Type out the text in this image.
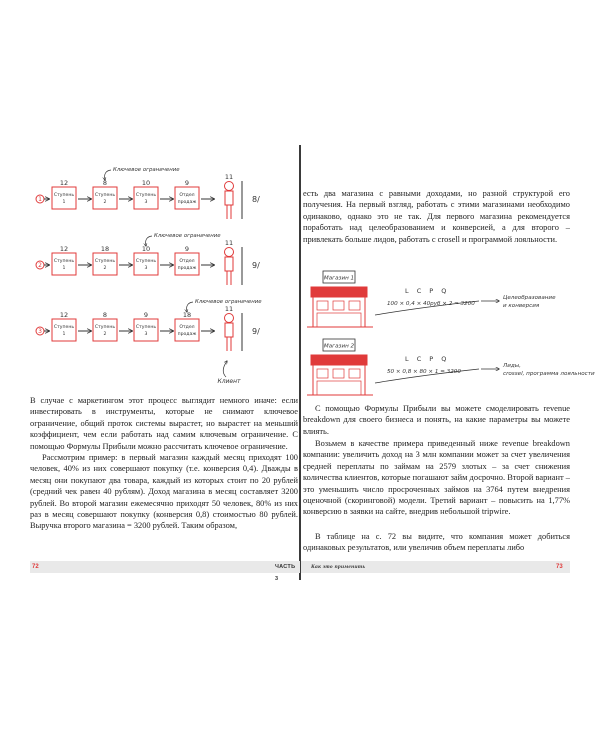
1
12
Ступень
1
8
Ступень
2
10
Ступень
3
9
Отдел
продаж
11
8/
Ключевое ограничение
2
12
Ступень
1
18
Ступень
2
10
Ступень
3
9
Отдел
продаж
11
9/
Ключевое ограничение
3
12
Ступень
1
8
Ступень
2
9
Ступень
3
18
Отдел
продаж
11
9/
Ключевое ограничение
Клиент

В случае с маркетингом этот процесс выглядит немного иначе: если инвестировать в инструменты, которые не снимают ключевое ограничение, общий проток системы вырастет, но вырастет на меньший коэффициент, чем если работать над самим ключевым ограничение. С помощью Формулы Прибыли можно рассчитать ключевое ограничение.

Рассмотрим пример: в первый магазин каждый месяц приходят 100 человек, 40% из них совершают покупку (т.е. конверсия 0,4). Дважды в месяц они покупают два товара, каждый из которых стоит по 20 рублей (средний чек равен 40 рублям). Доход магазина в месяц составляет 3200 рублей. Во второй магазин ежемесячно приходят 50 человек, 80% из них раз в месяц совершают покупку (конверсия 0,8) стоимостью 80 рублей. Выручка второго магазина = 3200 рублей. Таким образом,

есть два магазина с равными доходами, но разной структурой его получения. На первый взгляд, работать с этими магазинами необходимо одинаково, однако это не так. Для первого магазина рекомендуется поработать над целеобразованием и конверсией, а для второго – привлекать больше лидов, работать с crosell и программой лояльности.

Магазин 1
L C P Q
100 × 0,4 × 40руб × 2 = 3200
Целеобразование
и конверсия
Магазин 2
L C P Q
50 × 0,8 × 80 × 1 = 3200
Лиды,
crossel, программа лояльности

С помощью Формулы Прибыли вы можете смоделировать revenue breakdown для своего бизнеса и понять, на какие параметры вы можете влиять.

Возьмем в качестве примера приведенный ниже revenue breakdown компании: увеличить доход на 3 млн компании может за счет увеличения средней переплаты по займам на 2579 злотых – за счет снижения количества клиентов, которые погашают займ досрочно. Второй вариант – это уменьшить число просроченных займов на 3764 путем внедрения оценочной (скоринговой) модели. Третий вариант – повысить на 1,77% конверсию в заявки на сайте, внедрив небольшой tripwire.

В таблице на с. 72 вы видите, что компания может добиться одинаковых результатов, или увеличив объем переплаты либо

72	ЧАСТЬ 3
Как это применить	73
